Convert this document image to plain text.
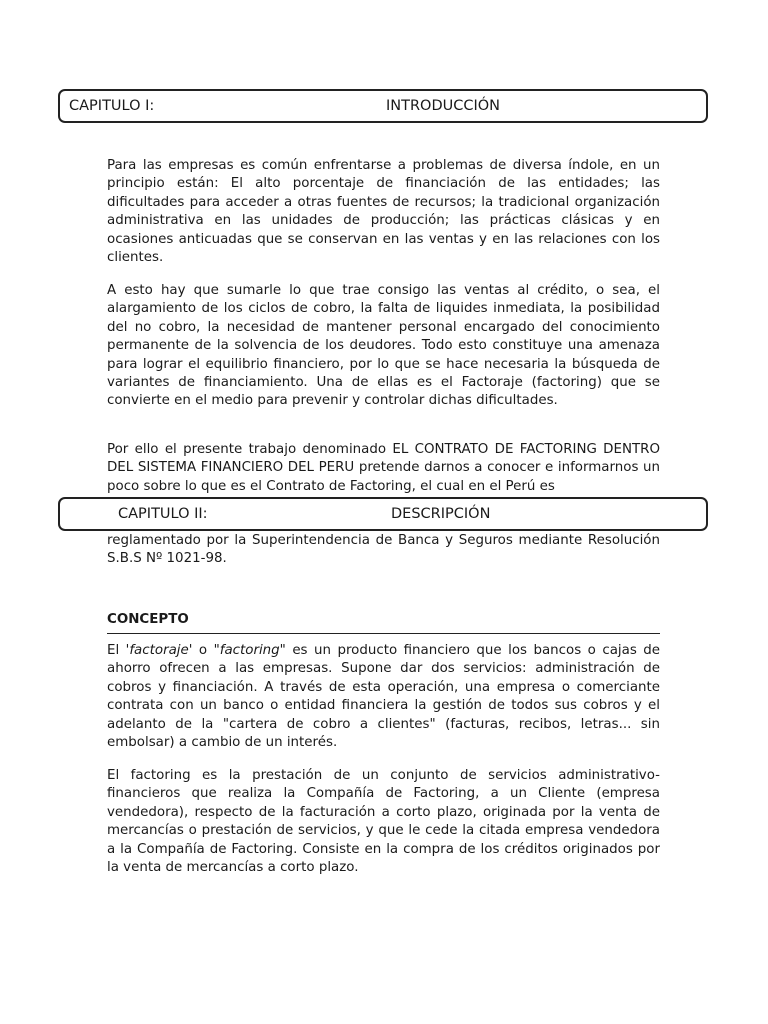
CAPITULO I:	INTRODUCCIÓN

Para las empresas es común enfrentarse a problemas de diversa índole, en un principio están: El alto porcentaje de financiación de las entidades; las dificultades para acceder a otras fuentes de recursos; la tradicional organización administrativa en las unidades de producción; las prácticas clásicas y en ocasiones anticuadas que se conservan en las ventas y en las relaciones con los clientes.

A esto hay que sumarle lo que trae consigo las ventas al crédito, o sea, el alargamiento de los ciclos de cobro, la falta de liquides inmediata, la posibilidad del no cobro, la necesidad de mantener personal encargado del conocimiento permanente de la solvencia de los deudores. Todo esto constituye una amenaza para lograr el equilibrio financiero, por lo que se hace necesaria la búsqueda de variantes de financiamiento. Una de ellas es el Factoraje (factoring) que se convierte en el medio para prevenir y controlar dichas dificultades.

Por ello el presente trabajo denominado EL CONTRATO DE FACTORING DENTRO DEL SISTEMA FINANCIERO DEL PERU pretende darnos a conocer e informarnos un poco sobre lo que es el Contrato de Factoring, el cual en el Perú es

CAPITULO II:	DESCRIPCIÓN

reglamentado por la Superintendencia de Banca y Seguros mediante Resolución S.B.S Nº 1021-98.

CONCEPTO

El 'factoraje' o "factoring" es un producto financiero que los bancos o cajas de ahorro ofrecen a las empresas. Supone dar dos servicios: administración de cobros y financiación. A través de esta operación, una empresa o comerciante contrata con un banco o entidad financiera la gestión de todos sus cobros y el adelanto de la "cartera de cobro a clientes" (facturas, recibos, letras... sin embolsar) a cambio de un interés.

El factoring es la prestación de un conjunto de servicios administrativo-financieros que realiza la Compañía de Factoring, a un Cliente (empresa vendedora), respecto de la facturación a corto plazo, originada por la venta de mercancías o prestación de servicios, y que le cede la citada empresa vendedora a la Compañía de Factoring. Consiste en la compra de los créditos originados por la venta de mercancías a corto plazo.
